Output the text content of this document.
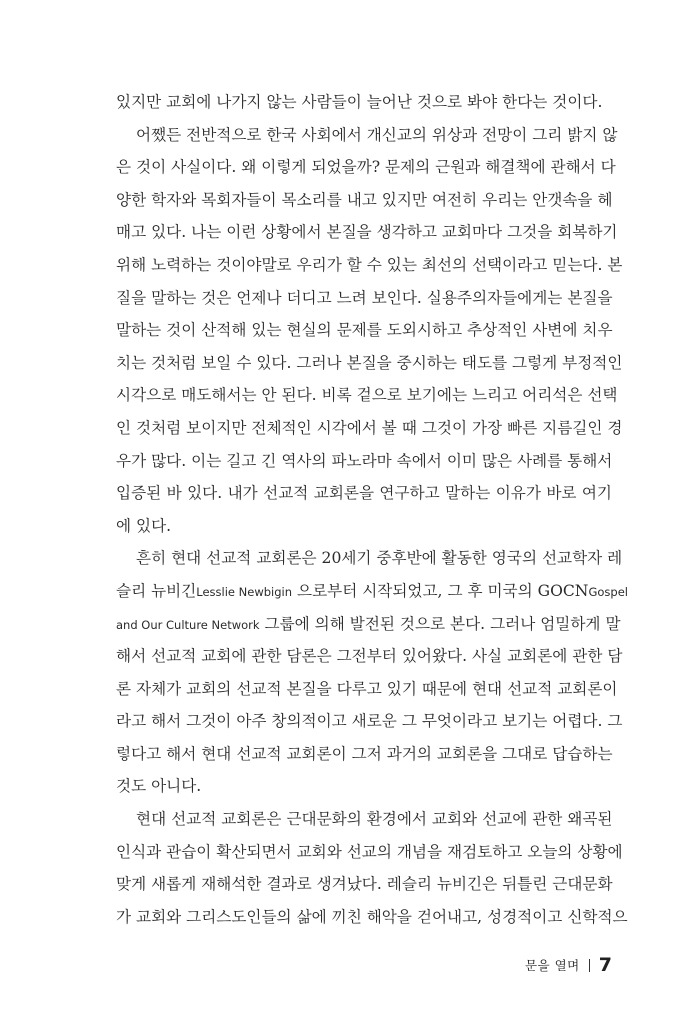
있지만 교회에 나가지 않는 사람들이 늘어난 것으로 봐야 한다는 것이다.
어쨌든 전반적으로 한국 사회에서 개신교의 위상과 전망이 그리 밝지 않
은 것이 사실이다. 왜 이렇게 되었을까? 문제의 근원과 해결책에 관해서 다
양한 학자와 목회자들이 목소리를 내고 있지만 여전히 우리는 안갯속을 헤
매고 있다. 나는 이런 상황에서 본질을 생각하고 교회마다 그것을 회복하기
위해 노력하는 것이야말로 우리가 할 수 있는 최선의 선택이라고 믿는다. 본
질을 말하는 것은 언제나 더디고 느려 보인다. 실용주의자들에게는 본질을
말하는 것이 산적해 있는 현실의 문제를 도외시하고 추상적인 사변에 치우
치는 것처럼 보일 수 있다. 그러나 본질을 중시하는 태도를 그렇게 부정적인
시각으로 매도해서는 안 된다. 비록 겉으로 보기에는 느리고 어리석은 선택
인 것처럼 보이지만 전체적인 시각에서 볼 때 그것이 가장 빠른 지름길인 경
우가 많다. 이는 길고 긴 역사의 파노라마 속에서 이미 많은 사례를 통해서
입증된 바 있다. 내가 선교적 교회론을 연구하고 말하는 이유가 바로 여기
에 있다.
흔히 현대 선교적 교회론은 20세기 중후반에 활동한 영국의 선교학자 레
슬리 뉴비긴Lesslie Newbigin 으로부터 시작되었고, 그 후 미국의 GOCNGospel
and Our Culture Network 그룹에 의해 발전된 것으로 본다. 그러나 엄밀하게 말
해서 선교적 교회에 관한 담론은 그전부터 있어왔다. 사실 교회론에 관한 담
론 자체가 교회의 선교적 본질을 다루고 있기 때문에 현대 선교적 교회론이
라고 해서 그것이 아주 창의적이고 새로운 그 무엇이라고 보기는 어렵다. 그
렇다고 해서 현대 선교적 교회론이 그저 과거의 교회론을 그대로 답습하는
것도 아니다.
현대 선교적 교회론은 근대문화의 환경에서 교회와 선교에 관한 왜곡된
인식과 관습이 확산되면서 교회와 선교의 개념을 재검토하고 오늘의 상황에
맞게 새롭게 재해석한 결과로 생겨났다. 레슬리 뉴비긴은 뒤틀린 근대문화
가 교회와 그리스도인들의 삶에 끼친 해악을 걷어내고, 성경적이고 신학적으
문을 열며 7
